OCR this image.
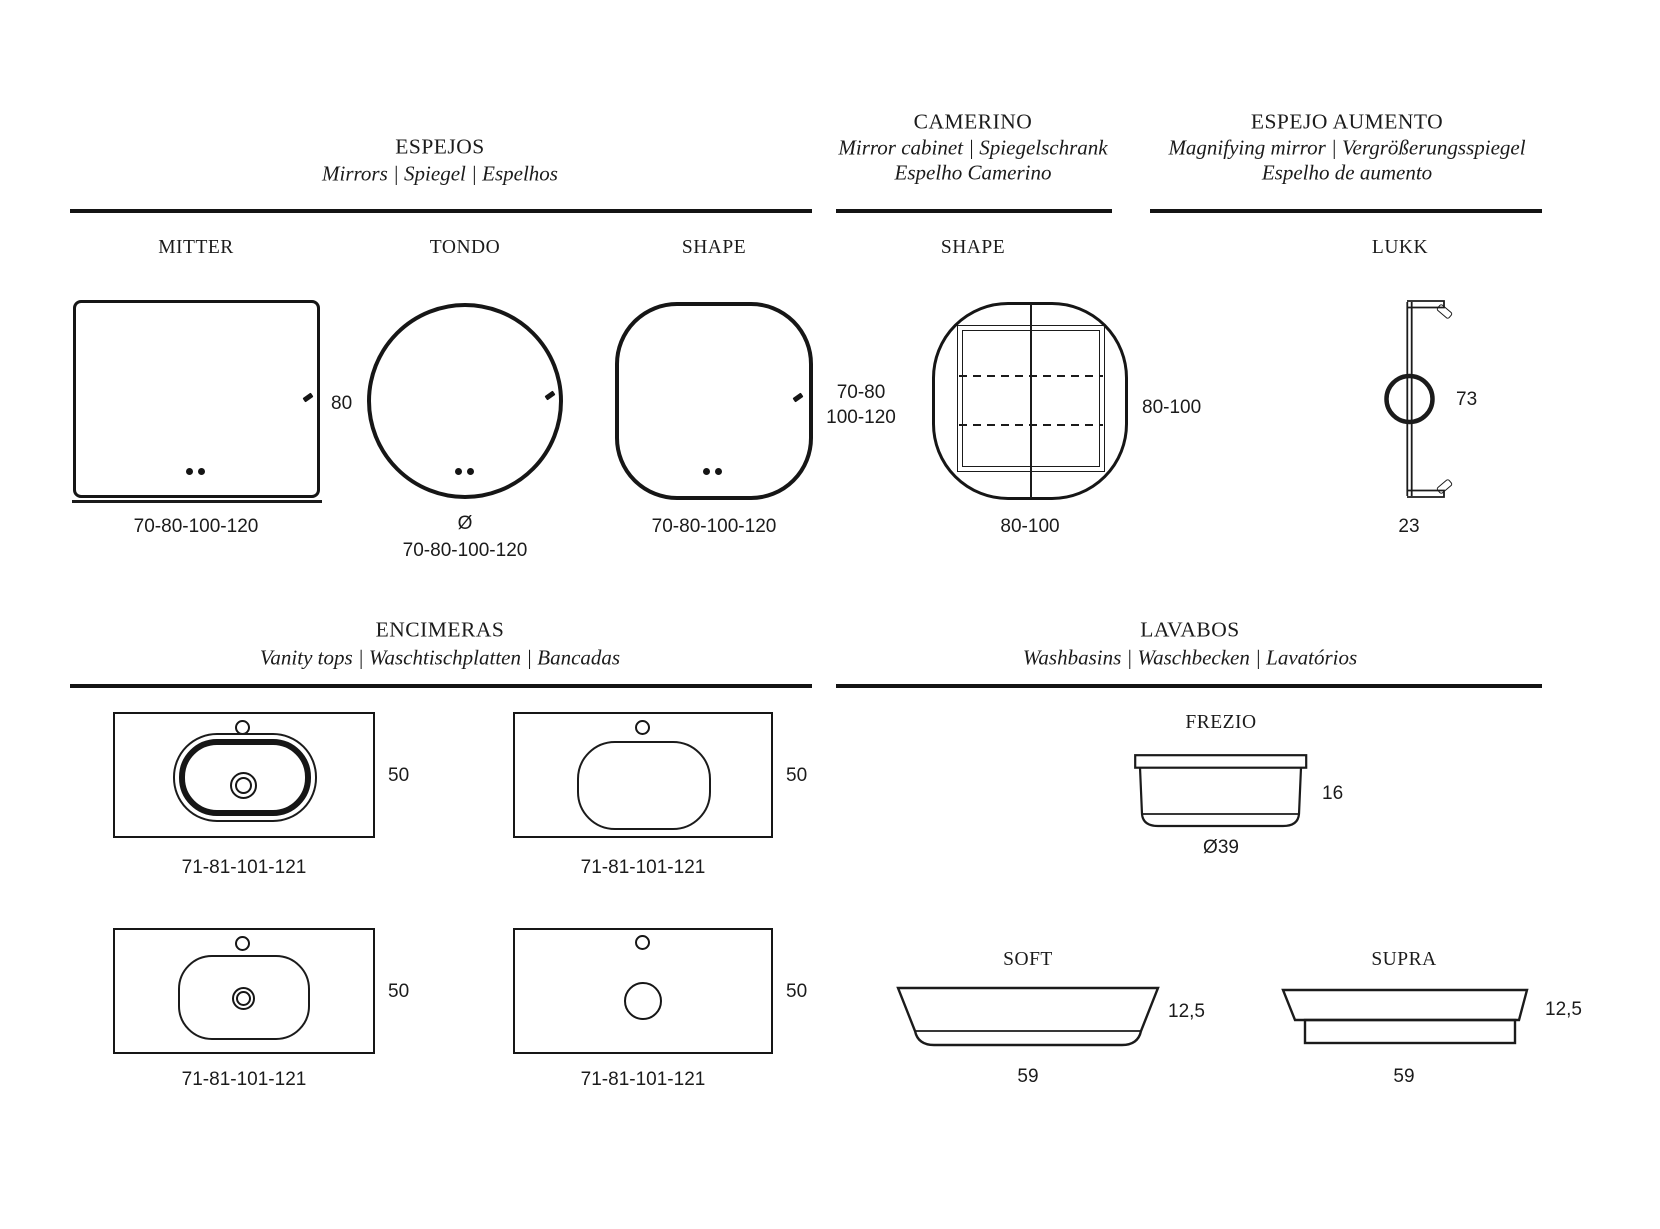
ESPEJOS
Mirrors | Spiegel | Espelhos
MITTER
80
70-80-100-120
TONDO
Ø
70-80-100-120
SHAPE
70-80
100-120
70-80-100-120
CAMERINO
Mirror cabinet | Spiegelschrank
Espelho Camerino
SHAPE
80-100
80-100
ESPEJO AUMENTO
Magnifying mirror | Vergrößerungsspiegel
Espelho de aumento
LUKK
73
23
ENCIMERAS
Vanity tops | Waschtischplatten | Bancadas
50
71-81-101-121
50
71-81-101-121
50
71-81-101-121
50
71-81-101-121
LAVABOS
Washbasins | Waschbecken | Lavatórios
FREZIO
16
Ø39
SOFT
12,5
59
SUPRA
12,5
59
